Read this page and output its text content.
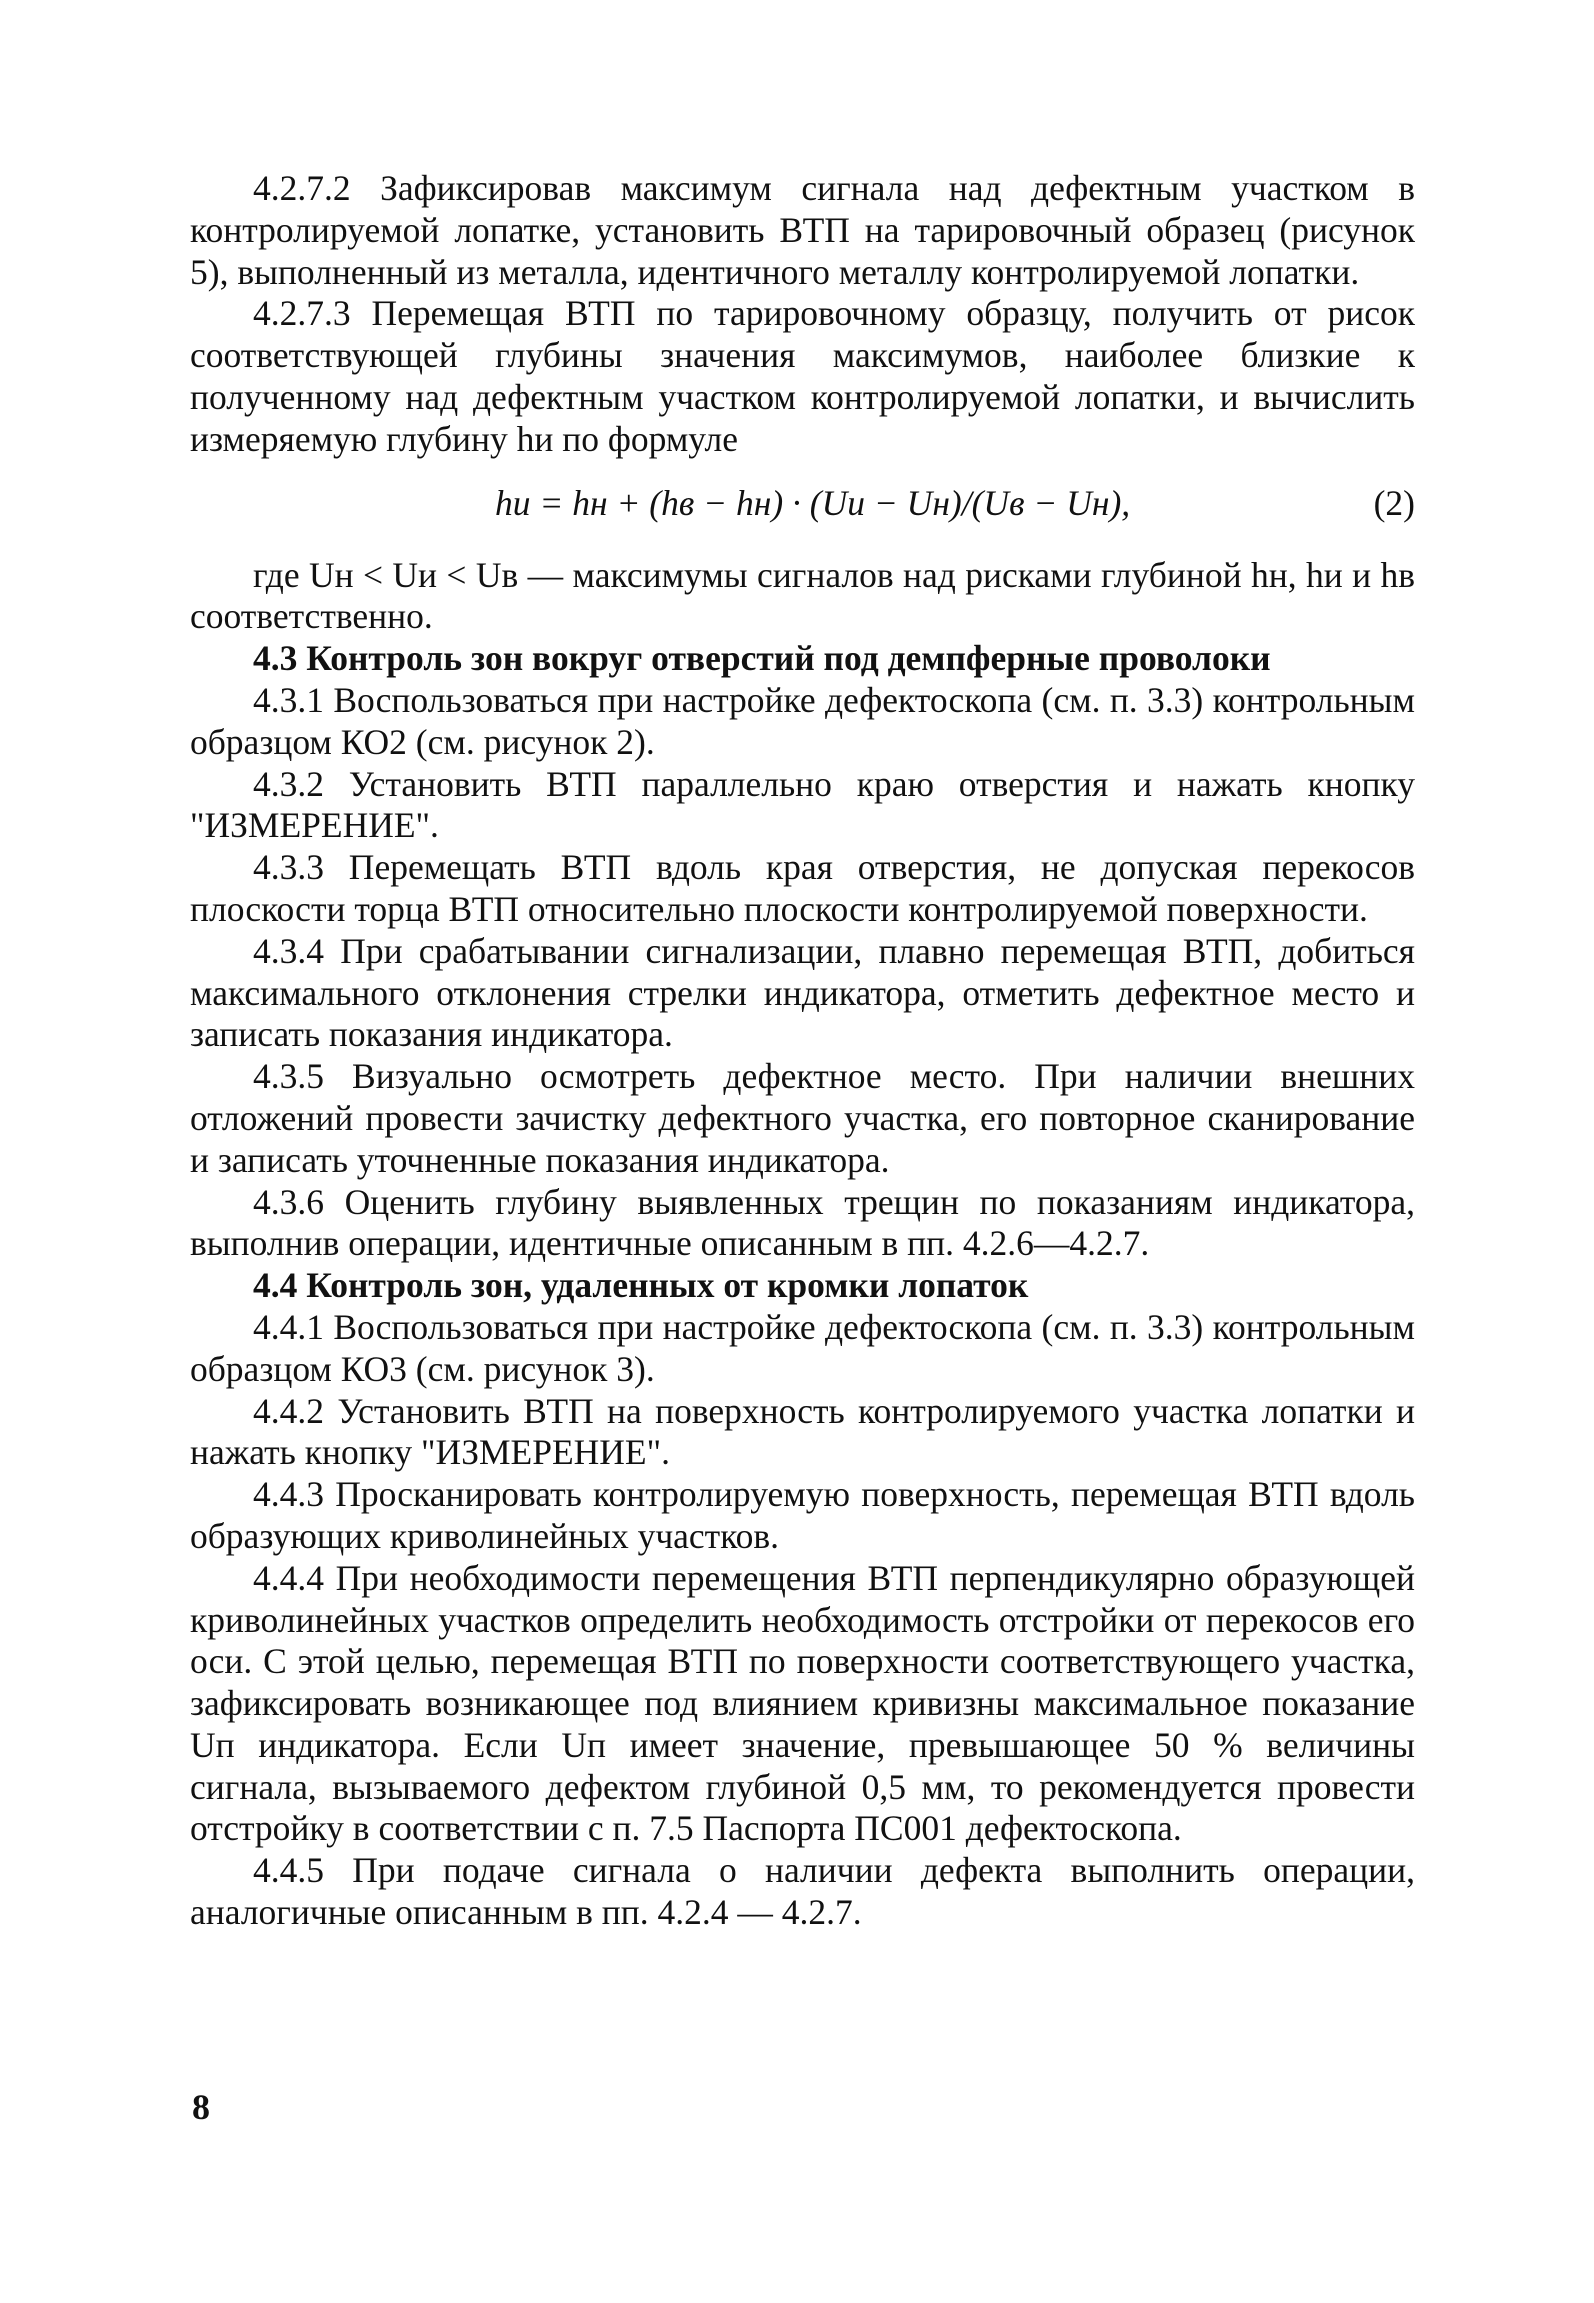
4.2.7.2 Зафиксировав максимум сигнала над дефектным участком в контролируемой лопатке, установить ВТП на тарировочный образец (рисунок 5), выполненный из металла, идентичного металлу контролируемой лопатки.

4.2.7.3 Перемещая ВТП по тарировочному образцу, получить от рисок соответствующей глубины значения максимумов, наиболее близкие к полученному над дефектным участком контролируемой лопатки, и вычислить измеряемую глубину hи по формуле

hи = hн + (hв − hн) · (Uи − Uн)/(Uв − Uн),	(2)

где Uн < Uи < Uв — максимумы сигналов над рисками глубиной hн, hи и hв соответственно.

4.3 Контроль зон вокруг отверстий под демпферные проволоки

4.3.1 Воспользоваться при настройке дефектоскопа (см. п. 3.3) контрольным образцом КО2 (см. рисунок 2).

4.3.2 Установить ВТП параллельно краю отверстия и нажать кнопку "ИЗМЕРЕНИЕ".

4.3.3 Перемещать ВТП вдоль края отверстия, не допуская перекосов плоскости торца ВТП относительно плоскости контролируемой поверхности.

4.3.4 При срабатывании сигнализации, плавно перемещая ВТП, добиться максимального отклонения стрелки индикатора, отметить дефектное место и записать показания индикатора.

4.3.5 Визуально осмотреть дефектное место. При наличии внешних отложений провести зачистку дефектного участка, его повторное сканирование и записать уточненные показания индикатора.

4.3.6 Оценить глубину выявленных трещин по показаниям индикатора, выполнив операции, идентичные описанным в пп. 4.2.6—4.2.7.

4.4 Контроль зон, удаленных от кромки лопаток

4.4.1 Воспользоваться при настройке дефектоскопа (см. п. 3.3) контрольным образцом КО3 (см. рисунок 3).

4.4.2 Установить ВТП на поверхность контролируемого участка лопатки и нажать кнопку "ИЗМЕРЕНИЕ".

4.4.3 Просканировать контролируемую поверхность, перемещая ВТП вдоль образующих криволинейных участков.

4.4.4 При необходимости перемещения ВТП перпендикулярно образующей криволинейных участков определить необходимость отстройки от перекосов его оси. С этой целью, перемещая ВТП по поверхности соответствующего участка, зафиксировать возникающее под влиянием кривизны максимальное показание Uп индикатора. Если Uп имеет значение, превышающее 50 % величины сигнала, вызываемого дефектом глубиной 0,5 мм, то рекомендуется провести отстройку в соответствии с п. 7.5 Паспорта ПС001 дефектоскопа.

4.4.5 При подаче сигнала о наличии дефекта выполнить операции, аналогичные описанным в пп. 4.2.4 — 4.2.7.

8
